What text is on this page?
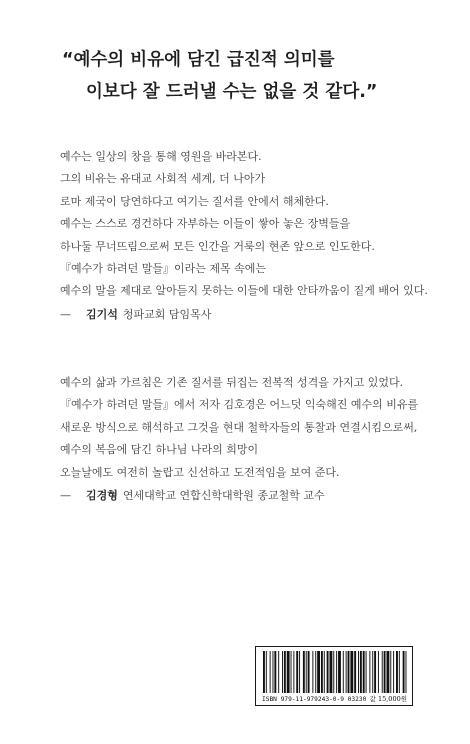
“예수의 비유에 담긴 급진적 의미를
이보다 잘 드러낼 수는 없을 것 같다.”

예수는 일상의 창을 통해 영원을 바라본다.

그의 비유는 유대교 사회적 세계, 더 나아가

로마 제국이 당연하다고 여기는 질서를 안에서 해체한다.

예수는 스스로 경건하다 자부하는 이들이 쌓아 놓은 장벽들을

하나둘 무너뜨림으로써 모든 인간을 거룩의 현존 앞으로 인도한다.

『예수가 하려던 말들』이라는 제목 속에는

예수의 말을 제대로 알아듣지 못하는 이들에 대한 안타까움이 짙게 배어 있다.

— 김기석 청파교회 담임목사

예수의 삶과 가르침은 기존 질서를 뒤집는 전복적 성격을 가지고 있었다.

『예수가 하려던 말들』에서 저자 김호경은 어느덧 익숙해진 예수의 비유를

새로운 방식으로 해석하고 그것을 현대 철학자들의 통찰과 연결시킴으로써,

예수의 복음에 담긴 하나님 나라의 희망이

오늘날에도 여전히 놀랍고 신선하고 도전적임을 보여 준다.

— 김경형 연세대학교 연합신학대학원 종교철학 교수
ISBN 979-11-979243-0-9 03230 값 15,000원
